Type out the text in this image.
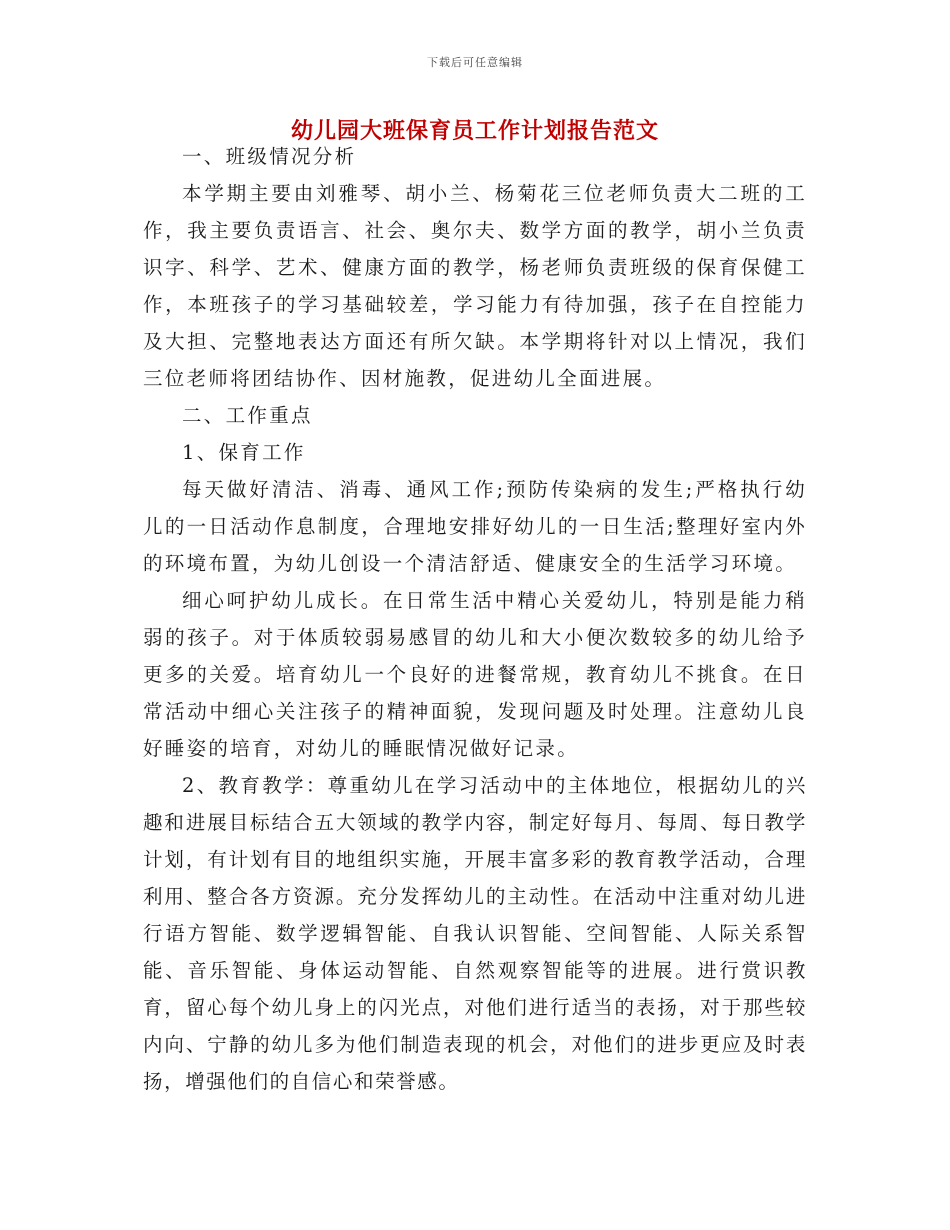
下载后可任意编辑
幼儿园大班保育员工作计划报告范文

一、班级情况分析

本学期主要由刘雅琴、胡小兰、杨菊花三位老师负责大二班的工作，我主要负责语言、社会、奥尔夫、数学方面的教学，胡小兰负责识字、科学、艺术、健康方面的教学，杨老师负责班级的保育保健工作，本班孩子的学习基础较差，学习能力有待加强，孩子在自控能力及大担、完整地表达方面还有所欠缺。本学期将针对以上情况，我们三位老师将团结协作、因材施教，促进幼儿全面进展。

二、工作重点

1、保育工作

每天做好清洁、消毒、通风工作;预防传染病的发生;严格执行幼儿的一日活动作息制度，合理地安排好幼儿的一日生活;整理好室内外的环境布置，为幼儿创设一个清洁舒适、健康安全的生活学习环境。

细心呵护幼儿成长。在日常生活中精心关爱幼儿，特别是能力稍弱的孩子。对于体质较弱易感冒的幼儿和大小便次数较多的幼儿给予更多的关爱。培育幼儿一个良好的进餐常规，教育幼儿不挑食。在日常活动中细心关注孩子的精神面貌，发现问题及时处理。注意幼儿良好睡姿的培育，对幼儿的睡眠情况做好记录。

2、教育教学：尊重幼儿在学习活动中的主体地位，根据幼儿的兴趣和进展目标结合五大领域的教学内容，制定好每月、每周、每日教学计划，有计划有目的地组织实施，开展丰富多彩的教育教学活动，合理利用、整合各方资源。充分发挥幼儿的主动性。在活动中注重对幼儿进行语方智能、数学逻辑智能、自我认识智能、空间智能、人际关系智能、音乐智能、身体运动智能、自然观察智能等的进展。进行赏识教育，留心每个幼儿身上的闪光点，对他们进行适当的表扬，对于那些较内向、宁静的幼儿多为他们制造表现的机会，对他们的进步更应及时表扬，增强他们的自信心和荣誉感。
